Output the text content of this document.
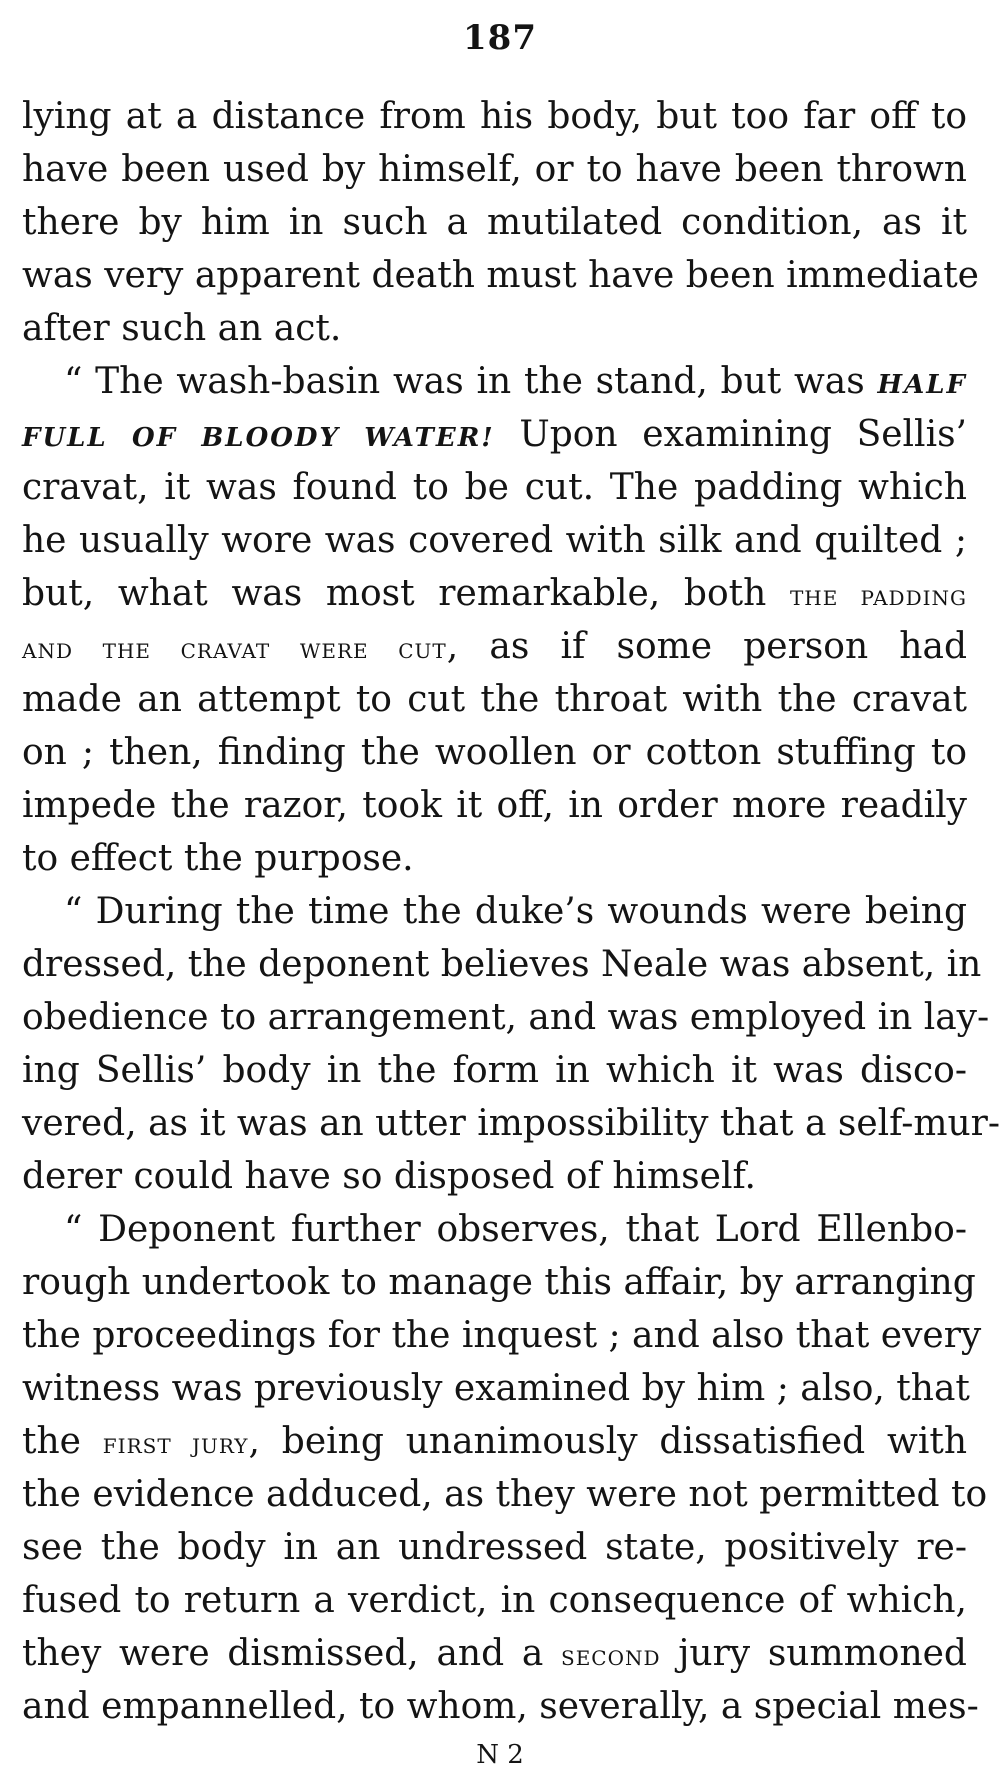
187
lying at a distance from his body, but too far off to
have been used by himself, or to have been thrown
there by him in such a mutilated condition, as it
was very apparent death must have been immediate
after such an act.
“ The wash-basin was in the stand, but was HALF
FULL OF BLOODY WATER! Upon examining Sellis’
cravat, it was found to be cut. The padding which
he usually wore was covered with silk and quilted ;
but, what was most remarkable, both the padding
and the cravat were cut, as if some person had
made an attempt to cut the throat with the cravat
on ; then, finding the woollen or cotton stuffing to
impede the razor, took it off, in order more readily
to effect the purpose.
“ During the time the duke’s wounds were being
dressed, the deponent believes Neale was absent, in
obedience to arrangement, and was employed in lay-
ing Sellis’ body in the form in which it was disco-
vered, as it was an utter impossibility that a self-mur-
derer could have so disposed of himself.
“ Deponent further observes, that Lord Ellenbo-
rough undertook to manage this affair, by arranging
the proceedings for the inquest ; and also that every
witness was previously examined by him ; also, that
the first jury, being unanimously dissatisfied with
the evidence adduced, as they were not permitted to
see the body in an undressed state, positively re-
fused to return a verdict, in consequence of which,
they were dismissed, and a second jury summoned
and empannelled, to whom, severally, a special mes-
N 2
